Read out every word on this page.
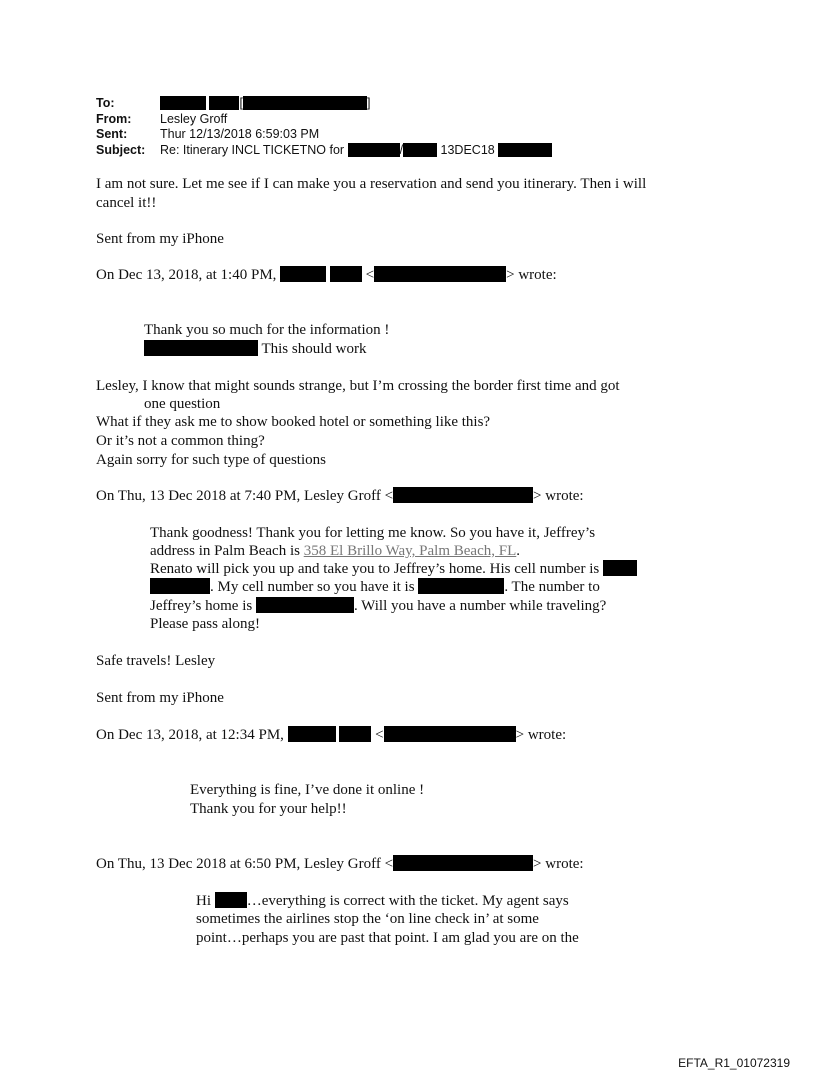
To:	[	]
From: Lesley Groff
Sent:	Thur 12/13/2018 6:59:03 PM
Subject: Re: Itinerary INCL TICKETNO for	/	13DEC18
I am not sure. Let me see if I can make you a reservation and send you itinerary. Then i will
cancel it!!
Sent from my iPhone
On Dec 13, 2018, at 1:40 PM,	<	> wrote:
Thank you so much for the information !
This should work
Lesley, I know that might sounds strange, but I’m crossing the border first time and got
one question
What if they ask me to show booked hotel or something like this?
Or it’s not a common thing?
Again sorry for such type of questions
On Thu, 13 Dec 2018 at 7:40 PM, Lesley Groff <	> wrote:
Thank goodness! Thank you for letting me know. So you have it, Jeffrey’s
address in Palm Beach is 358 El Brillo Way, Palm Beach, FL.
Renato will pick you up and take you to Jeffrey’s home. His cell number is
. My cell number so you have it is	. The number to
Jeffrey’s home is	. Will you have a number while traveling?
Please pass along!
Safe travels! Lesley
Sent from my iPhone
On Dec 13, 2018, at 12:34 PM,	<	> wrote:
Everything is fine, I’ve done it online !
Thank you for your help!!
On Thu, 13 Dec 2018 at 6:50 PM, Lesley Groff <	> wrote:
Hi …everything is correct with the ticket. My agent says
sometimes the airlines stop the ‘on line check in’ at some
point…perhaps you are past that point. I am glad you are on the
EFTA_R1_01072319
